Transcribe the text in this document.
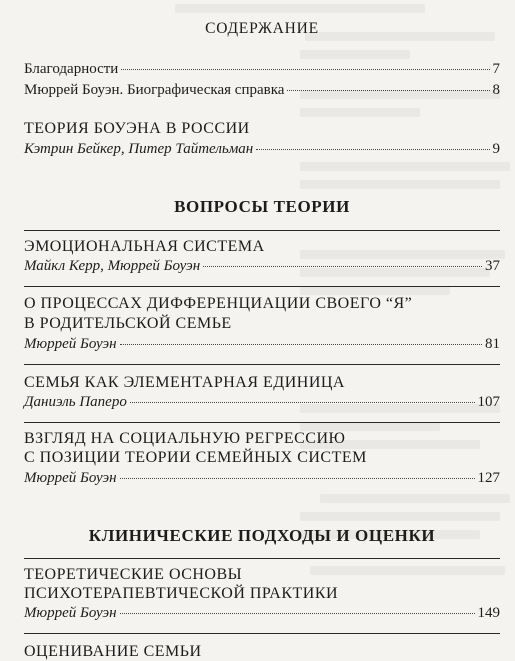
СОДЕРЖАНИЕ
Благодарности	7
Мюррей Боуэн. Биографическая справка	8
ТЕОРИЯ БОУЭНА В РОССИИ
Кэтрин Бейкер, Питер Тайтельман	9
ВОПРОСЫ ТЕОРИИ
ЭМОЦИОНАЛЬНАЯ СИСТЕМА
Майкл Керр, Мюррей Боуэн	37
О ПРОЦЕССАХ ДИФФЕРЕНЦИАЦИИ СВОЕГО “Я”
В РОДИТЕЛЬСКОЙ СЕМЬЕ
Мюррей Боуэн	81
СЕМЬЯ КАК ЭЛЕМЕНТАРНАЯ ЕДИНИЦА
Даниэль Паперо	107
ВЗГЛЯД НА СОЦИАЛЬНУЮ РЕГРЕССИЮ
С ПОЗИЦИИ ТЕОРИИ СЕМЕЙНЫХ СИСТЕМ
Мюррей Боуэн	127
КЛИНИЧЕСКИЕ ПОДХОДЫ И ОЦЕНКИ
ТЕОРЕТИЧЕСКИЕ ОСНОВЫ
ПСИХОТЕРАПЕВТИЧЕСКОЙ ПРАКТИКИ
Мюррей Боуэн	149
ОЦЕНИВАНИЕ СЕМЬИ
